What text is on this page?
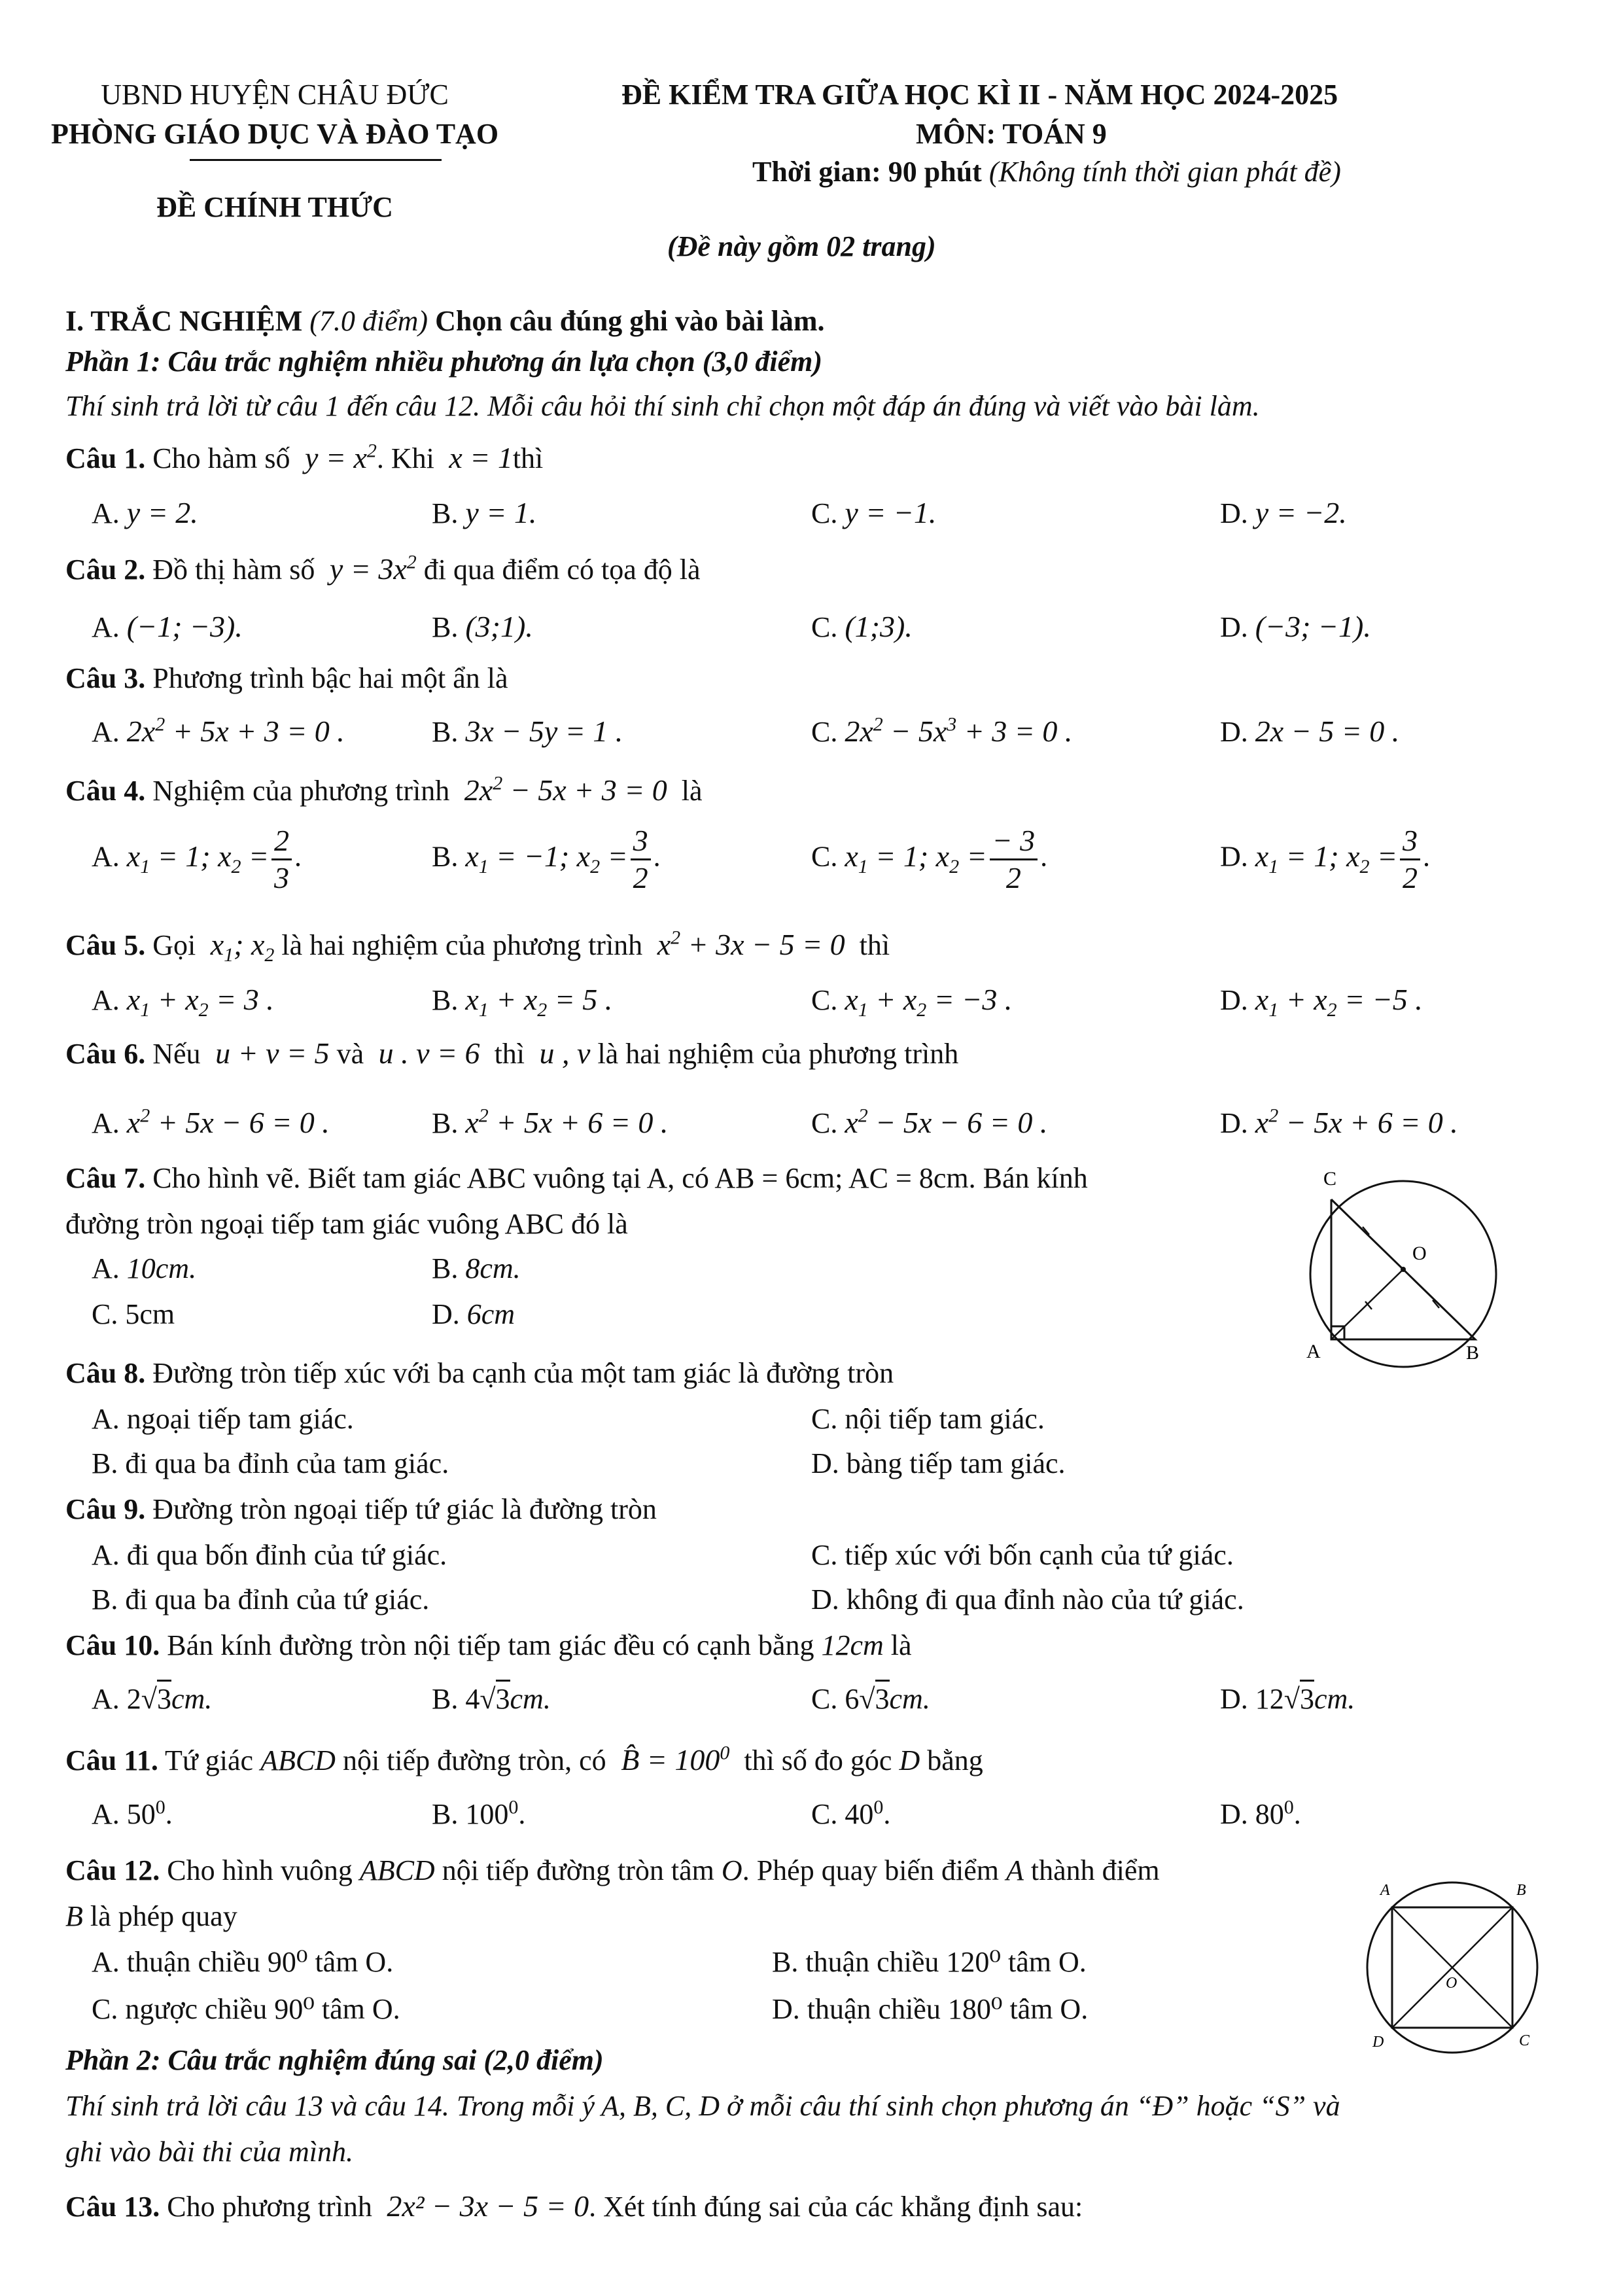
UBND HUYỆN CHÂU ĐỨC
PHÒNG GIÁO DỤC VÀ ĐÀO TẠO
ĐỀ CHÍNH THỨC
ĐỀ KIỂM TRA GIỮA HỌC KÌ II - NĂM HỌC 2024-2025
MÔN: TOÁN 9
Thời gian: 90 phút (Không tính thời gian phát đề)
(Đề này gồm 02 trang)
I. TRẮC NGHIỆM (7.0 điểm) Chọn câu đúng ghi vào bài làm.
Phần 1: Câu trắc nghiệm nhiều phương án lựa chọn (3,0 điểm)
Thí sinh trả lời từ câu 1 đến câu 12. Mỗi câu hỏi thí sinh chỉ chọn một đáp án đúng và viết vào bài làm.
Câu 1. Cho hàm số  $y = x^2$. Khi  x = 1thì
A. y = 2.	B. y = 1.	C. y = −1.	D. y = −2.
Câu 2. Đồ thị hàm số  $y = 3x^2$ đi qua điểm có tọa độ là
A. (−1; −3).	B. (3;1).	C. (1;3).	D. (−3; −1).
Câu 3. Phương trình bậc hai một ẩn là
A. $2x^2 + 5x + 3 = 0$ .	B. 3x − 5y = 1 .	C. $2x^2 - 5x^3 + 3 = 0$ .	D. 2x − 5 = 0 .
Câu 4. Nghiệm của phương trình  $2x^2 - 5x + 3 = 0$ là
A. $x_1 = 1$; $x_2 = \frac{2}{3}$ .	B. $x_1 = -1$; $x_2 = \frac{3}{2}$ .	C. $x_1 = 1$; $x_2 = \frac{- 3}{2}$ .	D. $x_1 = 1$; $x_2 = \frac{3}{2}$ .
Câu 5. Gọi  $x_1$; $x_2$ là hai nghiệm của phương trình  $x^2 + 3x - 5 = 0$ thì
A. $x_1 + x_2 = 3$ .	B. $x_1 + x_2 = 5$ .	C. $x_1 + x_2 = -3$ .	D. $x_1 + x_2 = -5$ .
Câu 6. Nếu  u + v = 5 và  u . v = 6 thì  u , v là hai nghiệm của phương trình
A. $x^2 + 5x - 6 = 0$ .	B. $x^2 + 5x + 6 = 0$ .	C. $x^2 - 5x - 6 = 0$ .	D. $x^2 - 5x + 6 = 0$ .
Câu 7. Cho hình vẽ. Biết tam giác ABC vuông tại A, có AB = 6cm; AC = 8cm. Bán kính
đường tròn ngoại tiếp tam giác vuông ABC đó là
A. 10cm.	B. 8cm.
C. 5cm	D. 6cm
C
O
A	B
Câu 8. Đường tròn tiếp xúc với ba cạnh của một tam giác là đường tròn
A. ngoại tiếp tam giác.	C. nội tiếp tam giác.
B. đi qua ba đỉnh của tam giác.	D. bàng tiếp tam giác.
Câu 9. Đường tròn ngoại tiếp tứ giác là đường tròn
A. đi qua bốn đỉnh của tứ giác.	C. tiếp xúc với bốn cạnh của tứ giác.
B. đi qua ba đỉnh của tứ giác.	D. không đi qua đỉnh nào của tứ giác.
Câu 10. Bán kính đường tròn nội tiếp tam giác đều có cạnh bằng 12cm là
A. 2√3cm.	B. 4√3cm.	C. 6√3cm.	D. 12√3cm.
Câu 11. Tứ giác ABCD nội tiếp đường tròn, có  B̂ = $100^0$ thì số đo góc D bằng
A. $50^0$.	B. $100^0$.	C. $40^0$.	D. $80^0$.
Câu 12. Cho hình vuông ABCD nội tiếp đường tròn tâm O. Phép quay biến điểm A thành điểm
B là phép quay
A. thuận chiều 90⁰ tâm O.	B. thuận chiều 120⁰ tâm O.
C. ngược chiều 90⁰ tâm O.	D. thuận chiều 180⁰ tâm O.
A	B
C
D
O
Phần 2: Câu trắc nghiệm đúng sai (2,0 điểm)
Thí sinh trả lời câu 13 và câu 14. Trong mỗi ý A, B, C, D ở mỗi câu thí sinh chọn phương án “Đ” hoặc “S” và
ghi vào bài thi của mình.
Câu 13. Cho phương trình 2x² − 3x − 5 = 0. Xét tính đúng sai của các khẳng định sau:
